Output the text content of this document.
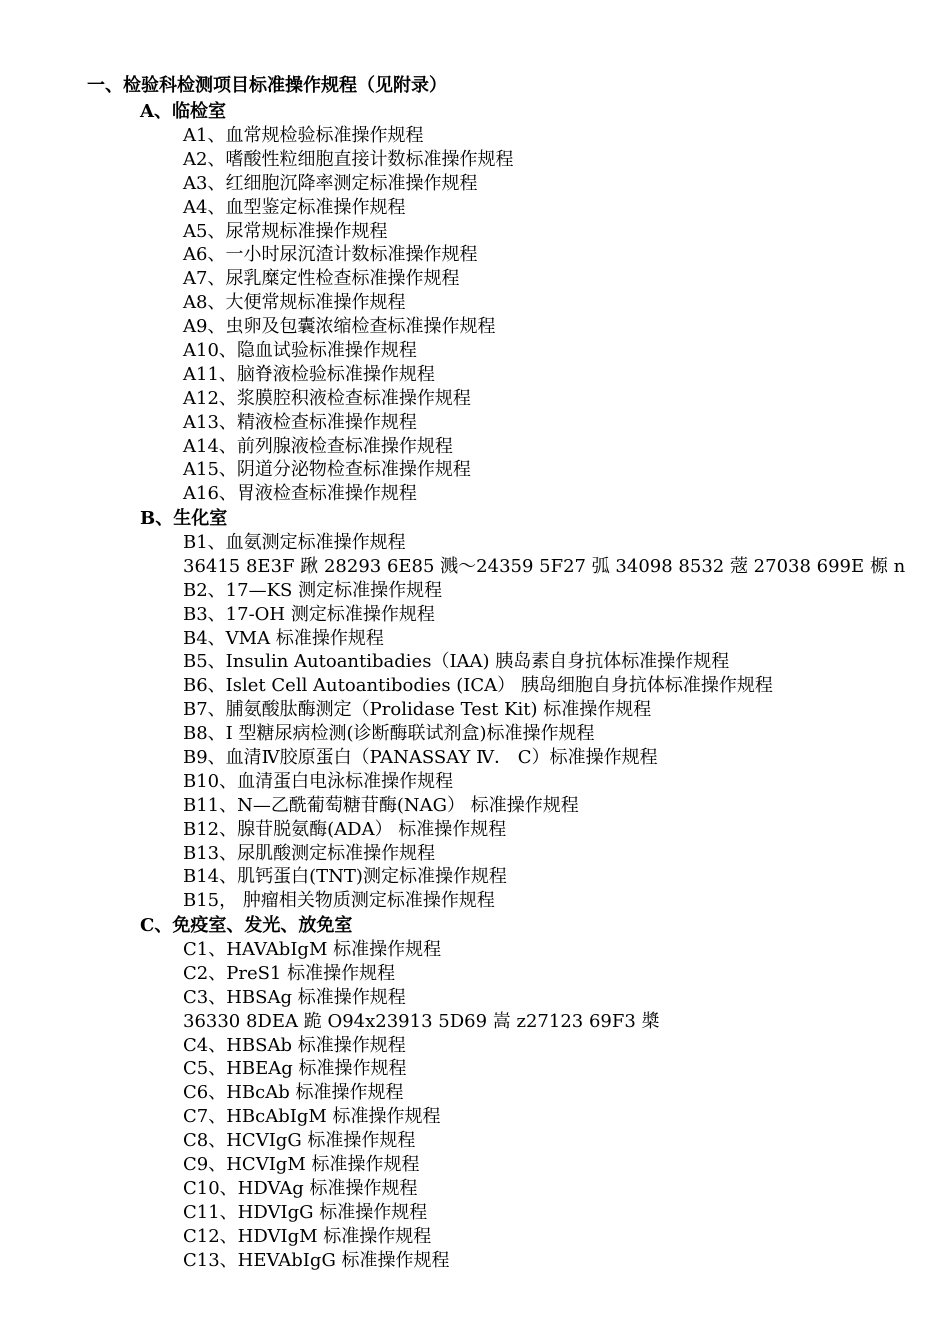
一、检验科检测项目标准操作规程（见附录）
A、临检室
A1、血常规检验标准操作规程
A2、嗜酸性粒细胞直接计数标准操作规程
A3、红细胞沉降率测定标准操作规程
A4、血型鉴定标准操作规程
A5、尿常规标准操作规程
A6、一小时尿沉渣计数标准操作规程
A7、尿乳糜定性检查标准操作规程
A8、大便常规标准操作规程
A9、虫卵及包囊浓缩检查标准操作规程
A10、隐血试验标准操作规程
A11、脑脊液检验标准操作规程
A12、浆膜腔积液检查标准操作规程
A13、精液检查标准操作规程
A14、前列腺液检查标准操作规程
A15、阴道分泌物检查标准操作规程
A16、胃液检查标准操作规程
B、生化室
B1、血氨测定标准操作规程
36415 8E3F 踿 28293 6E85 溅～24359 5F27 弧 34098 8532 蔲 27038 699E 榞 n
B2、17—KS 测定标准操作规程
B3、17-OH 测定标准操作规程
B4、VMA 标准操作规程
B5、Insulin Autoantibadies（IAA) 胰岛素自身抗体标准操作规程
B6、Islet Cell Autoantibodies (ICA） 胰岛细胞自身抗体标准操作规程
B7、脯氨酸肽酶测定（Prolidase Test Kit) 标准操作规程
B8、I 型糖尿病检测(诊断酶联试剂盒)标准操作规程
B9、血清Ⅳ胶原蛋白（PANASSAY Ⅳ． C）标准操作规程
B10、血清蛋白电泳标准操作规程
B11、N—乙酰葡萄糖苷酶(NAG） 标准操作规程
B12、腺苷脱氨酶(ADA） 标准操作规程
B13、尿肌酸测定标准操作规程
B14、肌钙蛋白(TNT)测定标准操作规程
B15， 肿瘤相关物质测定标准操作规程
C、免疫室、发光、放免室
C1、HAVAbIgM 标准操作规程
C2、PreS1 标准操作规程
C3、HBSAg 标准操作规程
36330 8DEA 跪 O94x23913 5D69 嵩 z27123 69F3 槳
C4、HBSAb 标准操作规程
C5、HBEAg 标准操作规程
C6、HBcAb 标准操作规程
C7、HBcAbIgM 标准操作规程
C8、HCVIgG 标准操作规程
C9、HCVIgM 标准操作规程
C10、HDVAg 标准操作规程
C11、HDVIgG 标准操作规程
C12、HDVIgM 标准操作规程
C13、HEVAbIgG 标准操作规程
